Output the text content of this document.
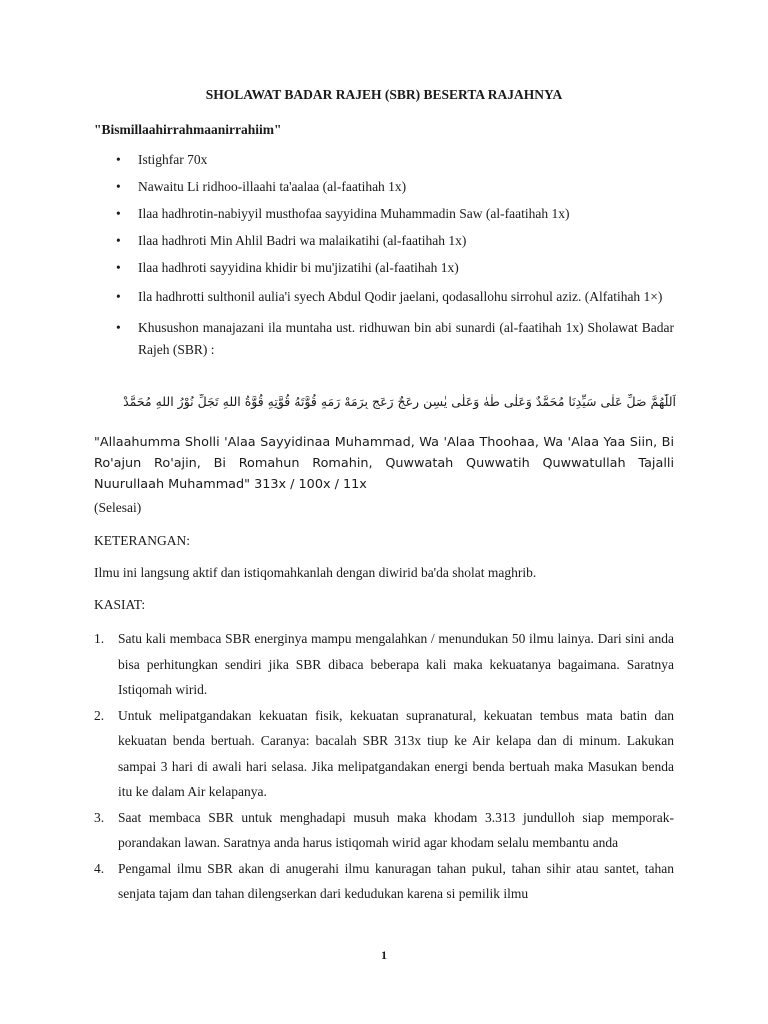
SHOLAWAT BADAR RAJEH (SBR) BESERTA RAJAHNYA
"Bismillaahirrahmaanirrahiim"
• Istighfar 70x
• Nawaitu Li ridhoo-illaahi ta'aalaa (al-faatihah 1x)
• Ilaa hadhrotin-nabiyyil musthofaa sayyidina Muhammadin Saw (al-faatihah 1x)
• Ilaa hadhroti Min Ahlil Badri wa malaikatihi (al-faatihah 1x)
• Ilaa hadhroti sayyidina khidir bi mu'jizatihi (al-faatihah 1x)
• Ila hadhrotti sulthonil aulia'i syech Abdul Qodir jaelani, qodasallohu sirrohul aziz. (Alfatihah 1×)
• Khusushon manajazani ila muntaha ust. ridhuwan bin abi sunardi (al-faatihah 1x) Sholawat Badar Rajeh (SBR) :
اَللّٰهُمَّ صَلِّ عَلٰى سَيِّدِنَا مُحَمَّدٌ وَعَلٰى طٰهٰ وَعَلٰى يٰسِن رِعَجٌ رَعَجٍ بِرَمَهْ رَمَهٍ قُوَّتَهُ قُوَّتِهِ قُوَّةُ اللهِ تَجَلِّ نُوْرُ اللهِ مُحَمَّدْ
"Allaahumma Sholli 'Alaa Sayyidinaa Muhammad, Wa 'Alaa Thoohaa, Wa 'Alaa Yaa Siin, Bi Ro'ajun Ro'ajin, Bi Romahun Romahin, Quwwatah Quwwatih Quwwatullah Tajalli Nuurullaah Muhammad" 313x / 100x / 11x
(Selesai)
KETERANGAN:
Ilmu ini langsung aktif dan istiqomahkanlah dengan diwirid ba'da sholat maghrib.
KASIAT:
1. Satu kali membaca SBR energinya mampu mengalahkan / menundukan 50 ilmu lainya. Dari sini anda bisa perhitungkan sendiri jika SBR dibaca beberapa kali maka kekuatanya bagaimana. Saratnya Istiqomah wirid.
2. Untuk melipatgandakan kekuatan fisik, kekuatan supranatural, kekuatan tembus mata batin dan kekuatan benda bertuah. Caranya: bacalah SBR 313x tiup ke Air kelapa dan di minum. Lakukan sampai 3 hari di awali hari selasa. Jika melipatgandakan energi benda bertuah maka Masukan benda itu ke dalam Air kelapanya.
3. Saat membaca SBR untuk menghadapi musuh maka khodam 3.313 jundulloh siap memporak-porandakan lawan. Saratnya anda harus istiqomah wirid agar khodam selalu membantu anda
4. Pengamal ilmu SBR akan di anugerahi ilmu kanuragan tahan pukul, tahan sihir atau santet, tahan senjata tajam dan tahan dilengserkan dari kedudukan karena si pemilik ilmu
1
